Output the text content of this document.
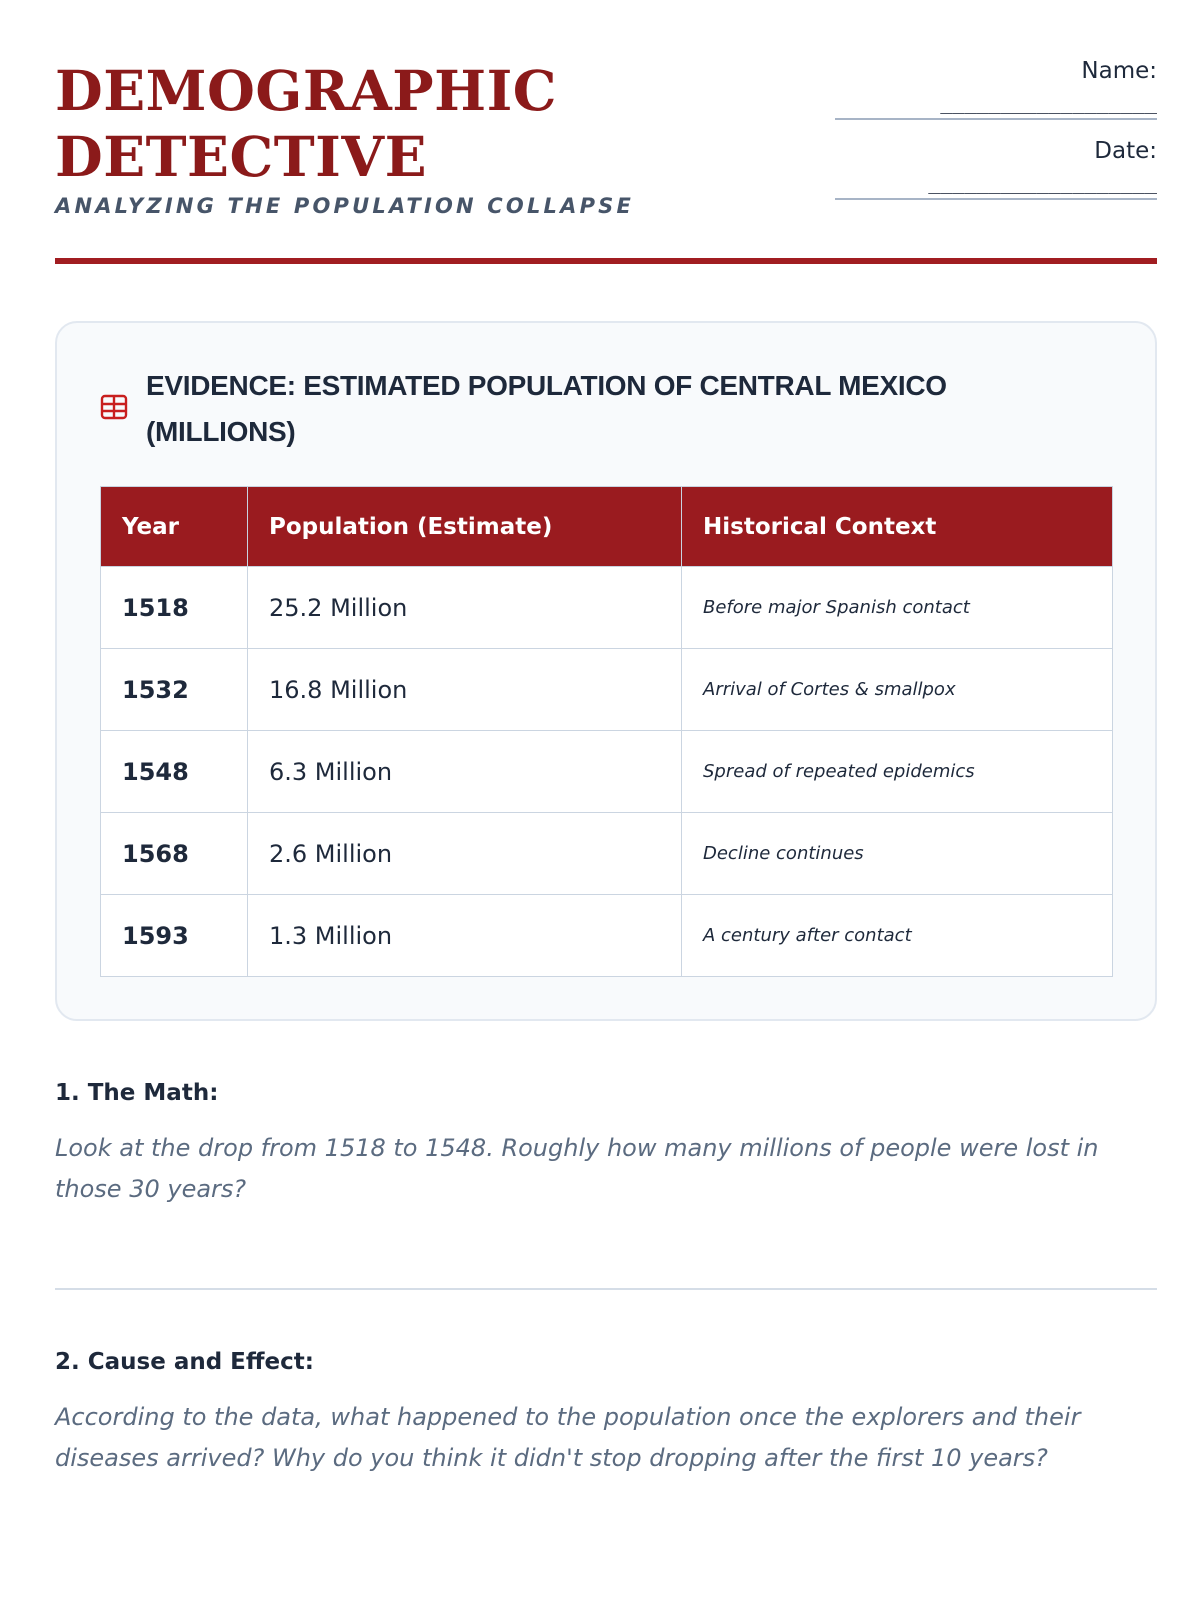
DEMOGRAPHIC
DETECTIVE
ANALYZING THE POPULATION COLLAPSE
Name:
__________________
Date:
___________________
EVIDENCE: ESTIMATED POPULATION OF CENTRAL MEXICO (MILLIONS)
Year	Population (Estimate)	Historical Context
1518	25.2 Million	Before major Spanish contact
1532	16.8 Million	Arrival of Cortes & smallpox
1548	6.3 Million	Spread of repeated epidemics
1568	2.6 Million	Decline continues
1593	1.3 Million	A century after contact
1. The Math:
Look at the drop from 1518 to 1548. Roughly how many millions of people were lost in those 30 years?
2. Cause and Effect:
According to the data, what happened to the population once the explorers and their diseases arrived? Why do you think it didn't stop dropping after the first 10 years?
